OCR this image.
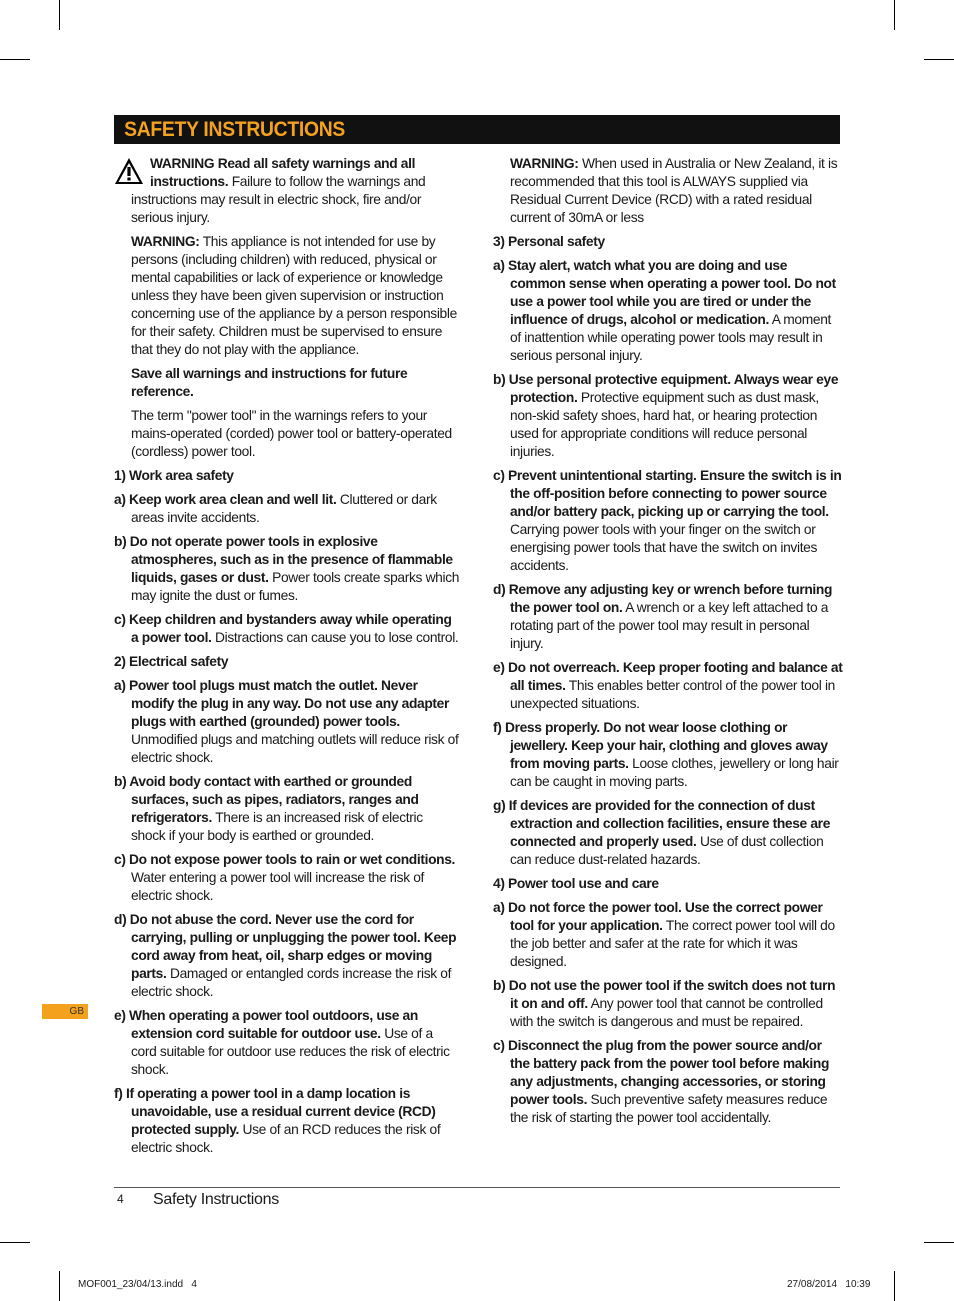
SAFETY INSTRUCTIONS

WARNING Read all safety warnings and all instructions. Failure to follow the warnings and instructions may result in electric shock, fire and/or serious injury.

WARNING: This appliance is not intended for use by persons (including children) with reduced, physical or mental capabilities or lack of experience or knowledge unless they have been given supervision or instruction concerning use of the appliance by a person responsible for their safety. Children must be supervised to ensure that they do not play with the appliance.

Save all warnings and instructions for future reference.

The term "power tool" in the warnings refers to your mains-operated (corded) power tool or battery-operated (cordless) power tool.

1) Work area safety

a) Keep work area clean and well lit. Cluttered or dark areas invite accidents.

b) Do not operate power tools in explosive atmospheres, such as in the presence of flammable liquids, gases or dust. Power tools create sparks which may ignite the dust or fumes.

c) Keep children and bystanders away while operating a power tool. Distractions can cause you to lose control.

2) Electrical safety

a) Power tool plugs must match the outlet. Never modify the plug in any way. Do not use any adapter plugs with earthed (grounded) power tools. Unmodified plugs and matching outlets will reduce risk of electric shock.

b) Avoid body contact with earthed or grounded surfaces, such as pipes, radiators, ranges and refrigerators. There is an increased risk of electric shock if your body is earthed or grounded.

c) Do not expose power tools to rain or wet conditions. Water entering a power tool will increase the risk of electric shock.

d) Do not abuse the cord. Never use the cord for carrying, pulling or unplugging the power tool. Keep cord away from heat, oil, sharp edges or moving parts. Damaged or entangled cords increase the risk of electric shock.

e) When operating a power tool outdoors, use an extension cord suitable for outdoor use. Use of a cord suitable for outdoor use reduces the risk of electric shock.

f) If operating a power tool in a damp location is unavoidable, use a residual current device (RCD) protected supply. Use of an RCD reduces the risk of electric shock.

WARNING: When used in Australia or New Zealand, it is recommended that this tool is ALWAYS supplied via Residual Current Device (RCD) with a rated residual current of 30mA or less

3) Personal safety

a) Stay alert, watch what you are doing and use common sense when operating a power tool. Do not use a power tool while you are tired or under the influence of drugs, alcohol or medication. A moment of inattention while operating power tools may result in serious personal injury.

b) Use personal protective equipment. Always wear eye protection. Protective equipment such as dust mask, non-skid safety shoes, hard hat, or hearing protection used for appropriate conditions will reduce personal injuries.

c) Prevent unintentional starting. Ensure the switch is in the off-position before connecting to power source and/or battery pack, picking up or carrying the tool. Carrying power tools with your finger on the switch or energising power tools that have the switch on invites accidents.

d) Remove any adjusting key or wrench before turning the power tool on. A wrench or a key left attached to a rotating part of the power tool may result in personal injury.

e) Do not overreach. Keep proper footing and balance at all times. This enables better control of the power tool in unexpected situations.

f) Dress properly. Do not wear loose clothing or jewellery. Keep your hair, clothing and gloves away from moving parts. Loose clothes, jewellery or long hair can be caught in moving parts.

g) If devices are provided for the connection of dust extraction and collection facilities, ensure these are connected and properly used. Use of dust collection can reduce dust-related hazards.

4) Power tool use and care

a) Do not force the power tool. Use the correct power tool for your application. The correct power tool will do the job better and safer at the rate for which it was designed.

b) Do not use the power tool if the switch does not turn it on and off. Any power tool that cannot be controlled with the switch is dangerous and must be repaired.

c) Disconnect the plug from the power source and/or the battery pack from the power tool before making any adjustments, changing accessories, or storing power tools. Such preventive safety measures reduce the risk of starting the power tool accidentally.

GB
4 Safety Instructions
MOF001_23/04/13.indd   4	27/08/2014   10:39
